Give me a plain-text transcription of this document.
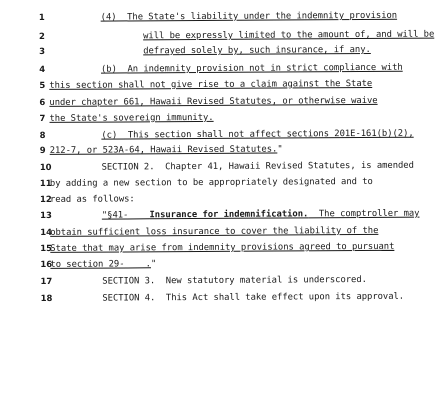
1	(4)  The State's liability under the indemnity provision
2	will be expressly limited to the amount of, and will be
3	defrayed solely by, such insurance, if any.
4	(b)  An indemnity provision not in strict compliance with
5 this section shall not give rise to a claim against the State
6 under chapter 661, Hawaii Revised Statutes, or otherwise waive
7 the State's sovereign immunity.
8	(c)  This section shall not affect sections 201E-161(b)(2),
9 212-7, or 523A-64, Hawaii Revised Statutes."
10	SECTION 2.  Chapter 41, Hawaii Revised Statutes, is amended
11by adding a new section to be appropriately designated and to
12read as follows:
13	"§41-    Insurance for indemnification.  The comptroller may
14obtain sufficient loss insurance to cover the liability of the
15State that may arise from indemnity provisions agreed to pursuant
16to section 29-    ."
17	SECTION 3.  New statutory material is underscored.
18	SECTION 4.  This Act shall take effect upon its approval.
